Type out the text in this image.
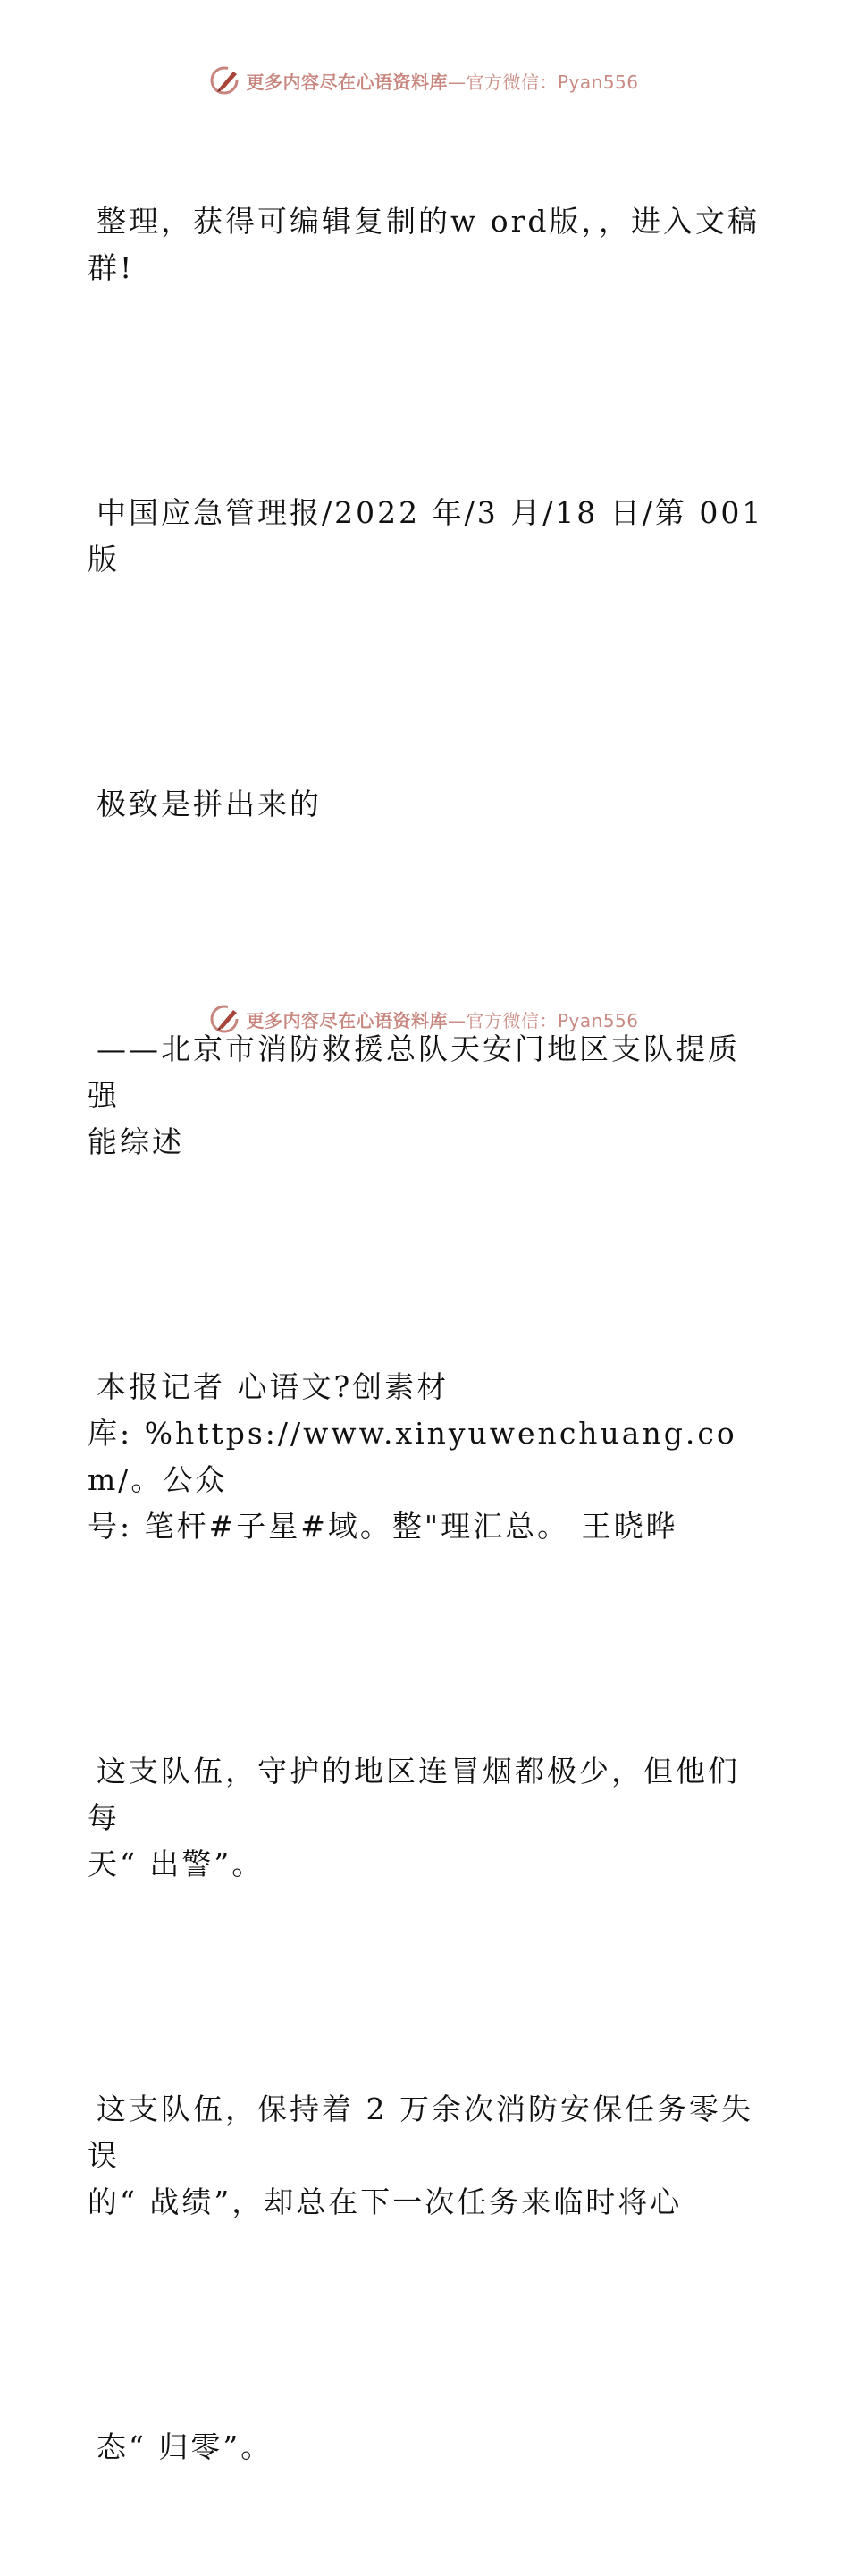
更多内容尽在心语资料库—官方微信：Pyan556

整理，获得可编辑复制的w ord版，，进入文稿
群!

中国应急管理报/2022 年/3 月/18 日/第 001 版

极致是拼出来的

——北京市消防救援总队天安门地区支队提质强
能综述

本报记者 心语文?创素材
库: %https://www.xinyuwenchuang.com/。公众
号: 笔杆#子星#域。整"理汇总。 王晓晔

这支队伍，守护的地区连冒烟都极少，但他们每
天“ 出警”。

这支队伍，保持着 2 万余次消防安保任务零失误
的“ 战绩”，却总在下一次任务来临时将心

态“ 归零”。

更多内容尽在心语资料库—官方微信：Pyan556
